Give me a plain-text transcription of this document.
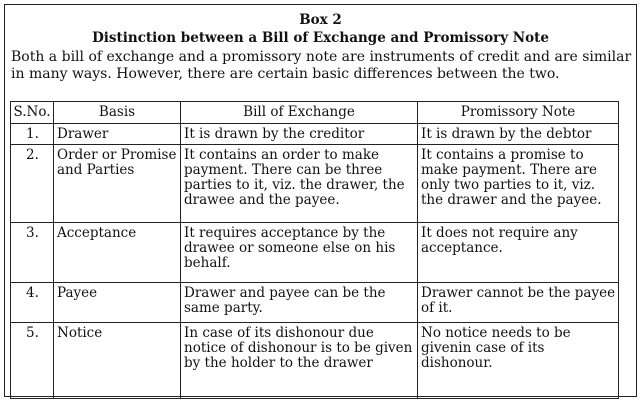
Box 2
Distinction between a Bill of Exchange and Promissory Note
Both a bill of exchange and a promissory note are instruments of credit and are similar in many ways. However, there are certain basic differences between the two.
S.No.	Basis	Bill of Exchange	Promissory Note
1.	Drawer	It is drawn by the creditor	It is drawn by the debtor
2.	Order or Promise and Parties	It contains an order to make payment. There can be three parties to it, viz. the drawer, the drawee and the payee.	It contains a promise to make payment. There are only two parties to it, viz. the drawer and the payee.
3.	Acceptance	It requires acceptance by the drawee or someone else on his behalf.	It does not require any acceptance.
4.	Payee	Drawer and payee can be the same party.	Drawer cannot be the payee of it.
5.	Notice	In case of its dishonour due notice of dishonour is to be given by the holder to the drawer	No notice needs to be givenin case of its dishonour.
